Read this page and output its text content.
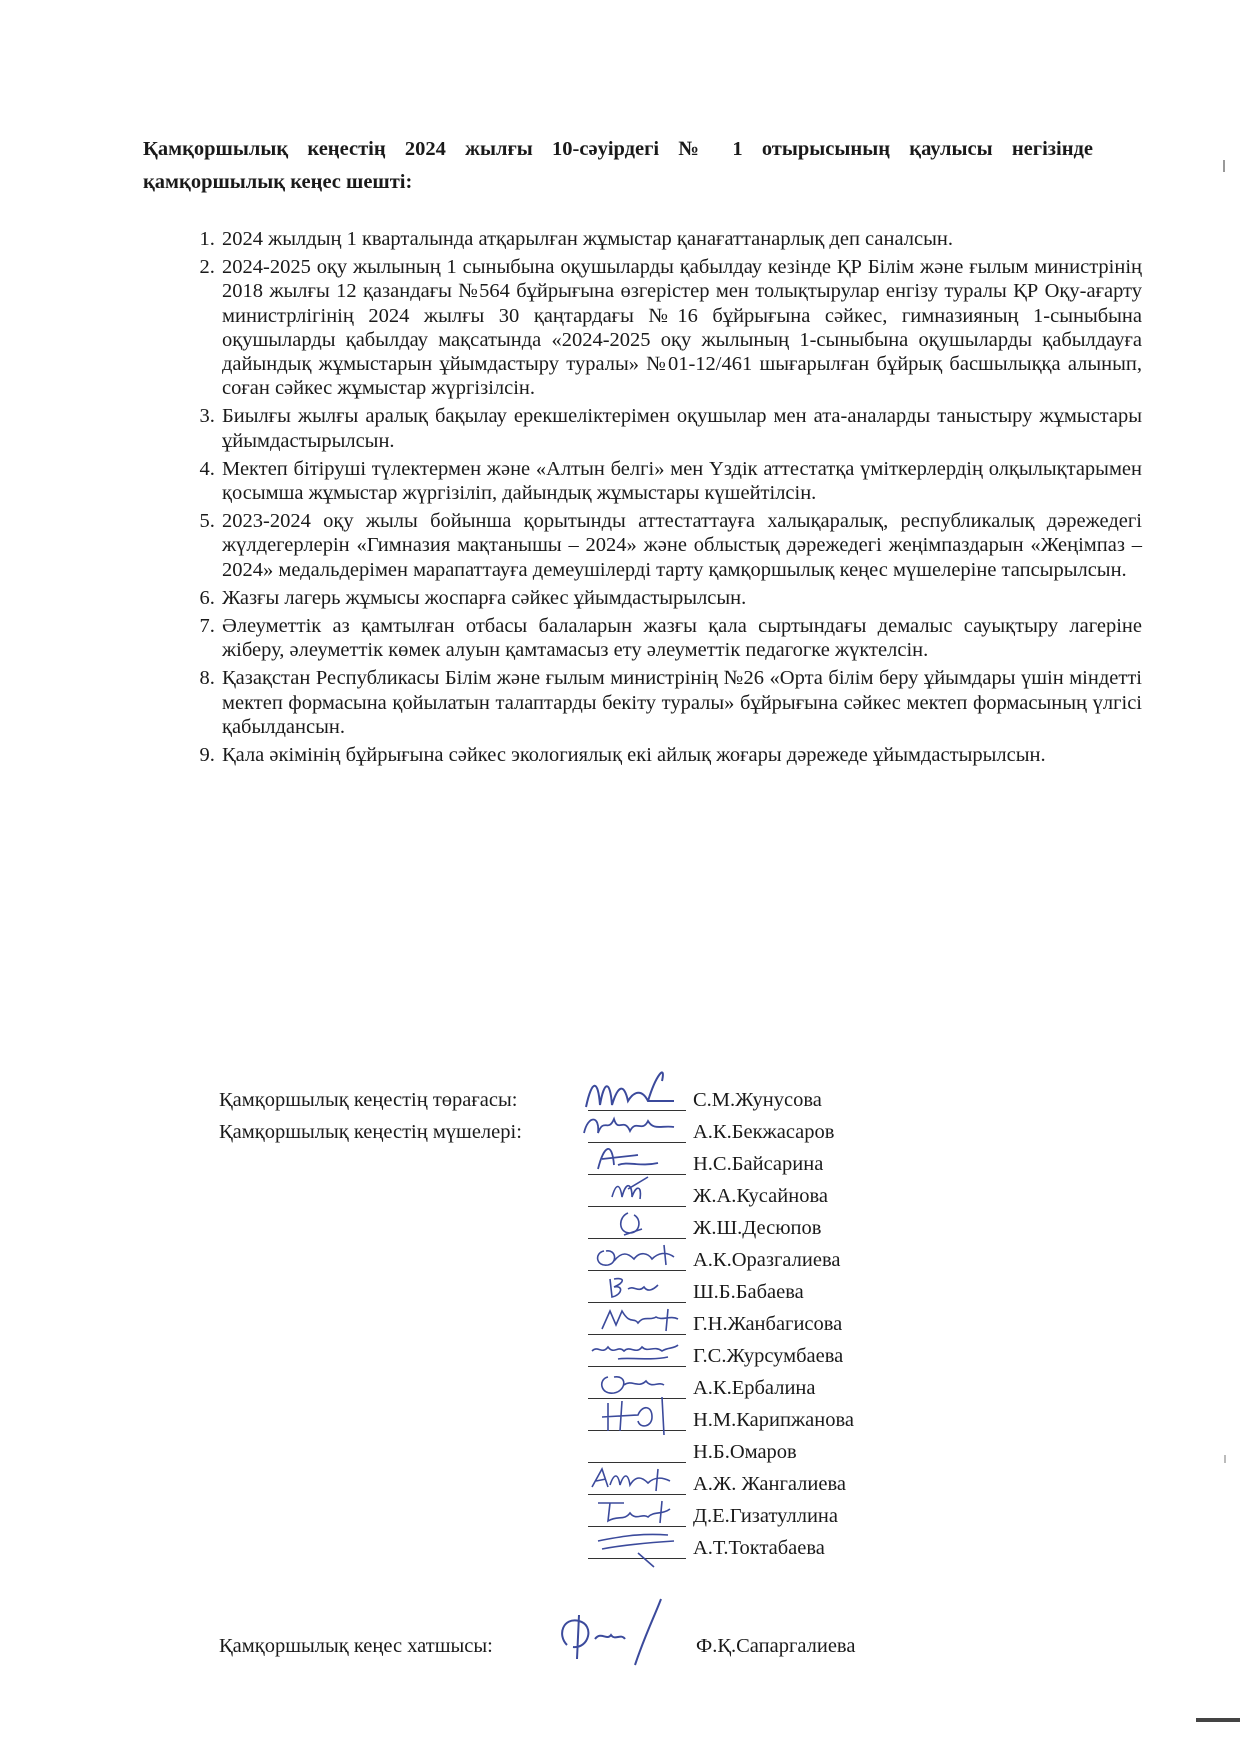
Қамқоршылық кеңестің 2024 жылғы 10-сәуірдегі № 1 отырысының қаулысы негізінде қамқоршылық кеңес шешті:
1. 2024 жылдың 1 кварталында атқарылған жұмыстар қанағаттанарлық деп саналсын.
2. 2024-2025 оқу жылының 1 сыныбына оқушыларды қабылдау кезінде ҚР Білім және ғылым министрінің 2018 жылғы 12 қазандағы №564 бұйрығына өзгерістер мен толықтырулар енгізу туралы ҚР Оқу-ағарту министрлігінің 2024 жылғы 30 қаңтардағы №16 бұйрығына сәйкес, гимназияның 1-сыныбына оқушыларды қабылдау мақсатында «2024-2025 оқу жылының 1-сыныбына оқушыларды қабылдауға дайындық жұмыстарын ұйымдастыру туралы» №01-12/461 шығарылған бұйрық басшылыққа алынып, соған сәйкес жұмыстар жүргізілсін.
3. Биылғы жылғы аралық бақылау ерекшеліктерімен оқушылар мен ата-аналарды таныстыру жұмыстары ұйымдастырылсын.
4. Мектеп бітіруші түлектермен және «Алтын белгі» мен Үздік аттестатқа үміткерлердің олқылықтарымен қосымша жұмыстар жүргізіліп, дайындық жұмыстары күшейтілсін.
5. 2023-2024 оқу жылы бойынша қорытынды аттестаттауға халықаралық, республикалық дәрежедегі жүлдегерлерін «Гимназия мақтанышы – 2024» және облыстық дәрежедегі жеңімпаздарын «Жеңімпаз – 2024» медальдерімен марапаттауға демеушілерді тарту қамқоршылық кеңес мүшелеріне тапсырылсын.
6. Жазғы лагерь жұмысы жоспарға сәйкес ұйымдастырылсын.
7. Әлеуметтік аз қамтылған отбасы балаларын жазғы қала сыртындағы демалыс сауықтыру лагеріне жіберу, әлеуметтік көмек алуын қамтамасыз ету әлеуметтік педагогке жүктелсін.
8. Қазақстан Республикасы Білім және ғылым министрінің №26 «Орта білім беру ұйымдары үшін міндетті мектеп формасына қойылатын талаптарды бекіту туралы» бұйрығына сәйкес мектеп формасының үлгісі қабылдансын.
9. Қала әкімінің бұйрығына сәйкес экологиялық екі айлық жоғары дәрежеде ұйымдастырылсын.
Қамқоршылық кеңестің төрағасы:
Қамқоршылық кеңестің мүшелері:
С.М.Жунусова
А.К.Бекжасаров
Н.С.Байсарина
Ж.А.Кусайнова
Ж.Ш.Десюпов
А.К.Оразгалиева
Ш.Б.Бабаева
Г.Н.Жанбагисова
Г.С.Журсумбаева
А.К.Ербалина
Н.М.Карипжанова
Н.Б.Омаров
А.Ж. Жангалиева
Д.Е.Гизатуллина
А.Т.Токтабаева
Қамқоршылық кеңес хатшысы:	Ф.Қ.Сапаргалиева
